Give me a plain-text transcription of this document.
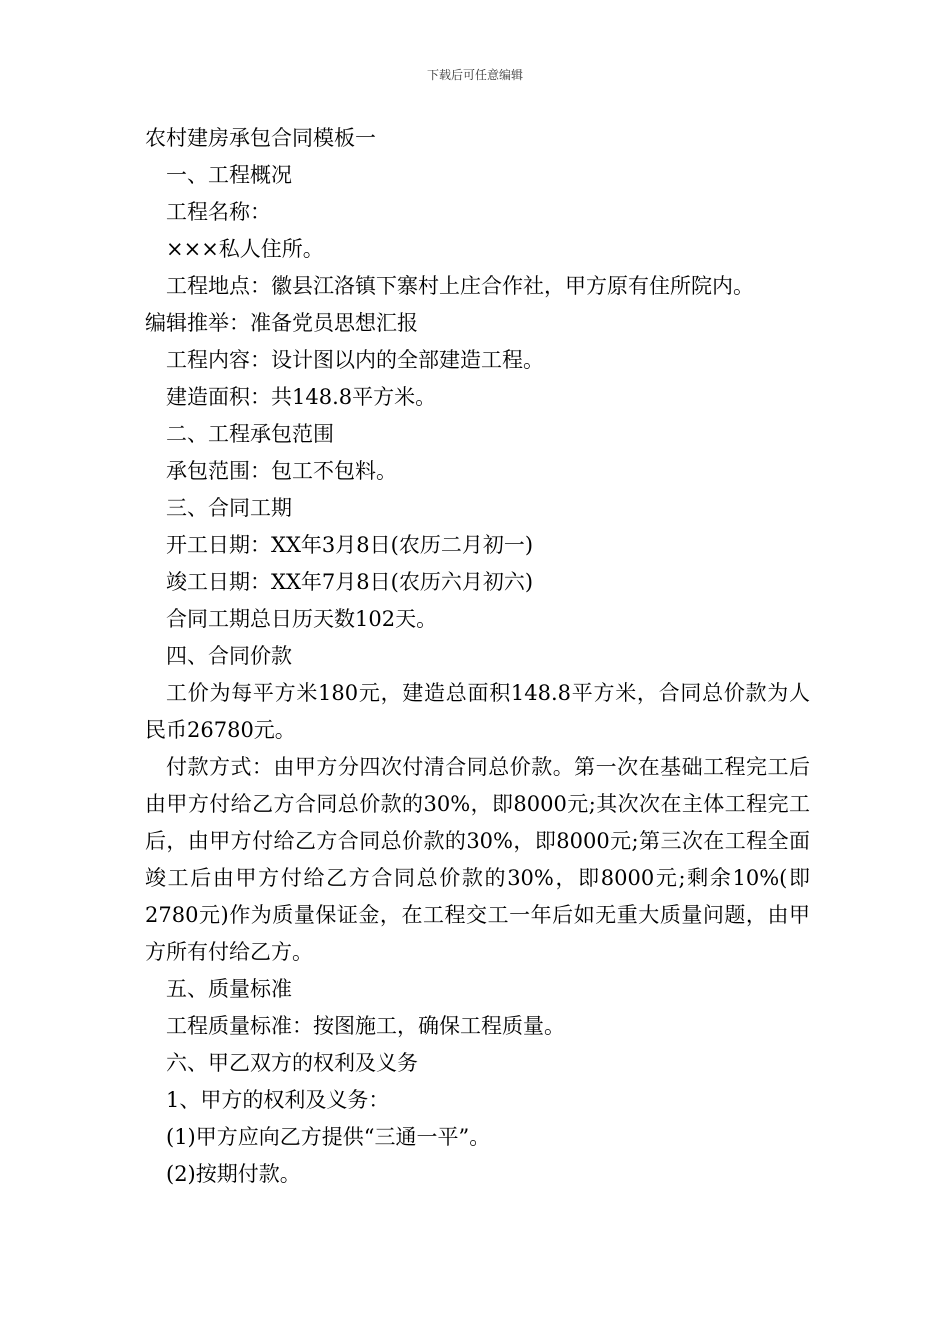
下载后可任意编辑

农村建房承包合同模板一

一、工程概况

工程名称：

×××私人住所。

工程地点：徽县江洛镇下寨村上庄合作社，甲方原有住所院内。

编辑推举：准备党员思想汇报

工程内容：设计图以内的全部建造工程。

建造面积：共148.8平方米。

二、工程承包范围

承包范围：包工不包料。

三、合同工期

开工日期：XX年3月8日(农历二月初一)

竣工日期：XX年7月8日(农历六月初六)

合同工期总日历天数102天。

四、合同价款

工价为每平方米180元，建造总面积148.8平方米，合同总价款为人民币26780元。

付款方式：由甲方分四次付清合同总价款。第一次在基础工程完工后由甲方付给乙方合同总价款的30%，即8000元;其次次在主体工程完工后，由甲方付给乙方合同总价款的30%，即8000元;第三次在工程全面竣工后由甲方付给乙方合同总价款的30%，即8000元;剩余10%(即2780元)作为质量保证金，在工程交工一年后如无重大质量问题，由甲方所有付给乙方。

五、质量标准

工程质量标准：按图施工，确保工程质量。

六、甲乙双方的权利及义务

1、甲方的权利及义务：

(1)甲方应向乙方提供“三通一平”。

(2)按期付款。
